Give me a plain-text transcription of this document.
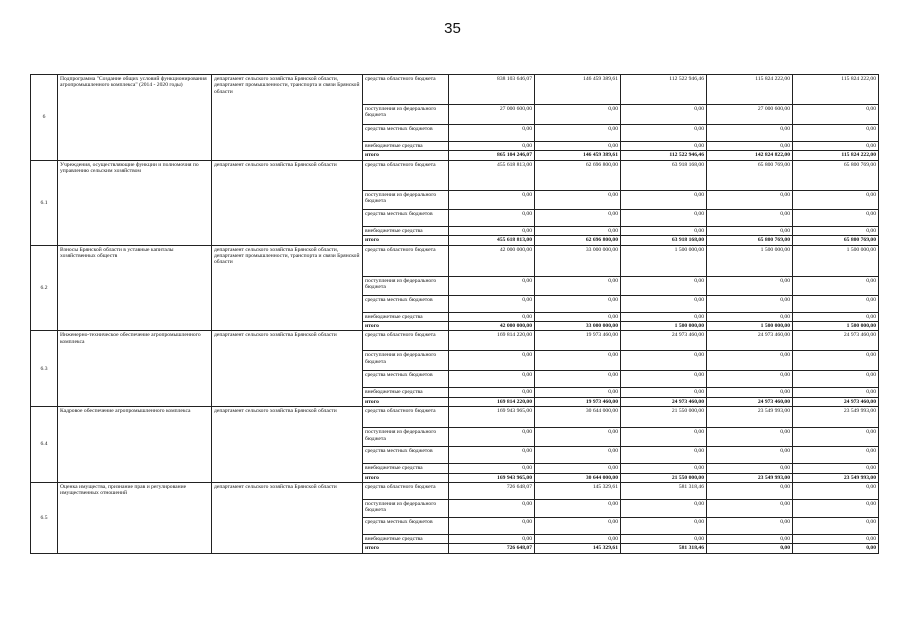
35
6	Подпрограмма "Создание общих условий функционирования агропромышленного комплекса" (2014 - 2020 годы)	департамент сельского хозяйства Брянской области, департамент промышленности, транспорта и связи Брянской области	средства областного бюджета	838 103 646,07	146 459 389,61	112 522 946,46	115 824 222,00	115 824 222,00	
			поступления из федерального бюджета	27 000 600,00	0,00	0,00	27 000 600,00	0,00	
			средства местных бюджетов	0,00	0,00	0,00	0,00	0,00	
			внебюджетные средства	0,00	0,00	0,00	0,00	0,00	
			итого	865 104 246,07	146 459 389,61	112 522 946,46	142 824 822,00	115 824 222,00	
6.1	Учреждения, осуществляющие функции и полномочия по управлению сельским хозяйством	департамент сельского хозяйства Брянской области	средства областного бюджета	455 618 813,00	62 696 800,00	63 918 168,00	65 800 769,00	65 800 769,00	
			поступления из федерального бюджета	0,00	0,00	0,00	0,00	0,00	
			средства местных бюджетов	0,00	0,00	0,00	0,00	0,00	
			внебюджетные средства	0,00	0,00	0,00	0,00	0,00	
			итого	455 618 813,00	62 696 800,00	63 918 168,00	65 800 769,00	65 800 769,00	
6.2	Взносы Брянской области в уставные капиталы хозяйственных обществ	департамент сельского хозяйства Брянской области, департамент промышленности, транспорта и связи Брянской области	средства областного бюджета	42 000 000,00	33 000 000,00	1 500 000,00	1 500 000,00	1 500 000,00	
			поступления из федерального бюджета	0,00	0,00	0,00	0,00	0,00	
			средства местных бюджетов	0,00	0,00	0,00	0,00	0,00	
			внебюджетные средства	0,00	0,00	0,00	0,00	0,00	
			итого	42 000 000,00	33 000 000,00	1 500 000,00	1 500 000,00	1 500 000,00	
6.3	Инженерно-техническое обеспечение агропромышленного комплекса	департамент сельского хозяйства Брянской области	средства областного бюджета	169 814 220,00	19 973 460,00	24 973 460,00	24 973 460,00	24 973 460,00	
			поступления из федерального бюджета	0,00	0,00	0,00	0,00	0,00	
			средства местных бюджетов	0,00	0,00	0,00	0,00	0,00	
			внебюджетные средства	0,00	0,00	0,00	0,00	0,00	
			итого	169 814 220,00	19 973 460,00	24 973 460,00	24 973 460,00	24 973 460,00	
6.4	Кадровое обеспечение агропромышленного комплекса	департамент сельского хозяйства Брянской области	средства областного бюджета	169 943 965,00	30 644 000,00	21 550 000,00	23 549 993,00	23 549 993,00	
			поступления из федерального бюджета	0,00	0,00	0,00	0,00	0,00	
			средства местных бюджетов	0,00	0,00	0,00	0,00	0,00	
			внебюджетные средства	0,00	0,00	0,00	0,00	0,00	
			итого	169 943 965,00	30 644 000,00	21 550 000,00	23 549 993,00	23 549 993,00	
6.5	Оценка имущества, признание прав и регулирование имущественных отношений	департамент сельского хозяйства Брянской области	средства областного бюджета	726 648,07	145 329,61	581 318,46	0,00	0,00	
			поступления из федерального бюджета	0,00	0,00	0,00	0,00	0,00	
			средства местных бюджетов	0,00	0,00	0,00	0,00	0,00	
			внебюджетные средства	0,00	0,00	0,00	0,00	0,00	
			итого	726 648,07	145 329,61	581 318,46	0,00	0,00	
